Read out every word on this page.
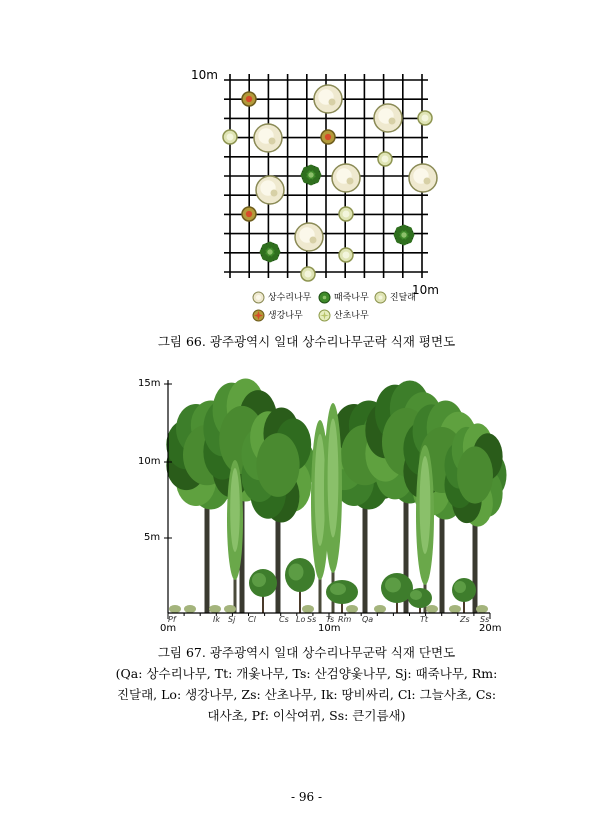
10m
10m
상수리나무	때죽나무	진달래
생강나무	산초나무
그림 66. 광주광역시 일대 상수리나무군락 식재 평면도
15m
10m
5m
0m	10m	20m
Pf	Ik Sj Cl	Cs Lo Ss Ts Rm Qa	Tt	Zs Ss
그림 67. 광주광역시 일대 상수리나무군락 식재 단면도
(Qa: 상수리나무, Tt: 개옻나무, Ts: 산검양옻나무, Sj: 때죽나무, Rm:
진달래, Lo: 생강나무, Zs: 산초나무, Ik: 땅비싸리, Cl: 그늘사초, Cs:
대사초, Pf: 이삭여뀌, Ss: 큰기름새)
- 96 -
